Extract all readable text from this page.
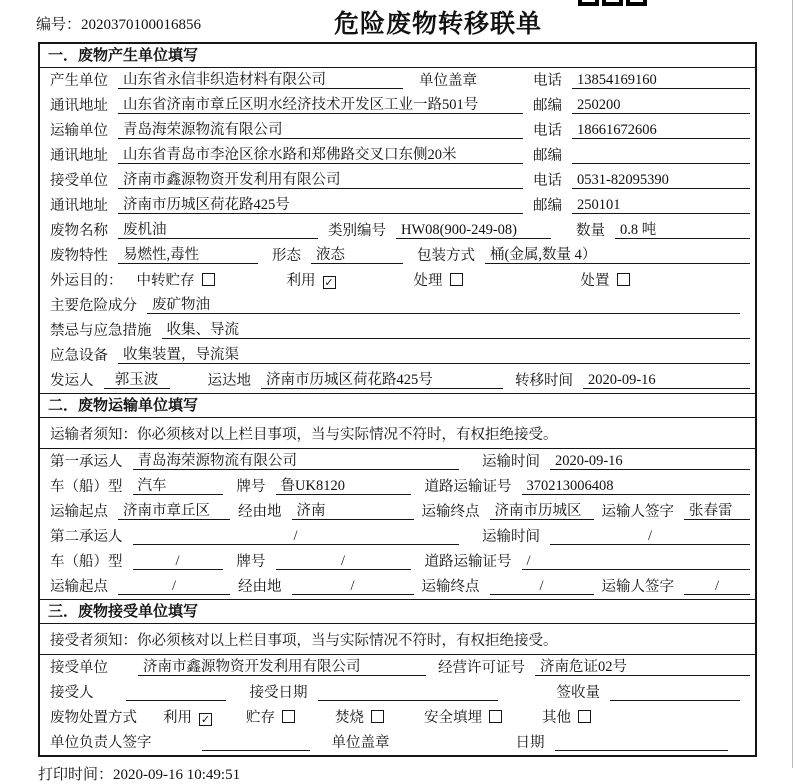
编号：2020370100016856	危险废物转移联单
一．废物产生单位填写
产生单位	山东省永信非织造材料有限公司	单位盖章	电话	13854169160
通讯地址	山东省济南市章丘区明水经济技术开发区工业一路501号	邮编	250200
运输单位	青岛海荣源物流有限公司	电话	18661672606
通讯地址	山东省青岛市李沧区徐水路和郑佛路交叉口东侧20米	邮编
接受单位	济南市鑫源物资开发利用有限公司	电话	0531-82095390
通讯地址	济南市历城区荷花路425号	邮编	250101
废物名称	废机油	类别编号	HW08(900-249-08)	数量	0.8 吨
废物特性	易燃性,毒性	形态	液态	包装方式	桶(金属,数量 4）
外运目的： 中转贮存	利用 ✓	处理	处置
主要危险成分	废矿物油
禁忌与应急措施	收集、导流
应急设备	收集装置，导流渠
发运人	郭玉波	运达地	济南市历城区荷花路425号	转移时间	2020-09-16
二．废物运输单位填写
运输者须知：你必须核对以上栏目事项，当与实际情况不符时，有权拒绝接受。
第一承运人	青岛海荣源物流有限公司	运输时间	2020-09-16
车（船）型	汽车	牌号	鲁UK8120	道路运输证号	370213006408
运输起点	济南市章丘区	经由地	济南	运输终点	济南市历城区	运输人签字	张春雷
第二承运人	/	运输时间	/
车（船）型	/	牌号	/	道路运输证号	/
运输起点	/	经由地	/	运输终点	/	运输人签字	/
三．废物接受单位填写
接受者须知：你必须核对以上栏目事项，当与实际情况不符时，有权拒绝接受。
接受单位	济南市鑫源物资开发利用有限公司	经营许可证号	济南危证02号
接受人	接受日期	签收量
废物处置方式 利用 ✓ 贮存	焚烧	安全填埋	其他
单位负责人签字	单位盖章	日期
打印时间：2020-09-16 10:49:51
